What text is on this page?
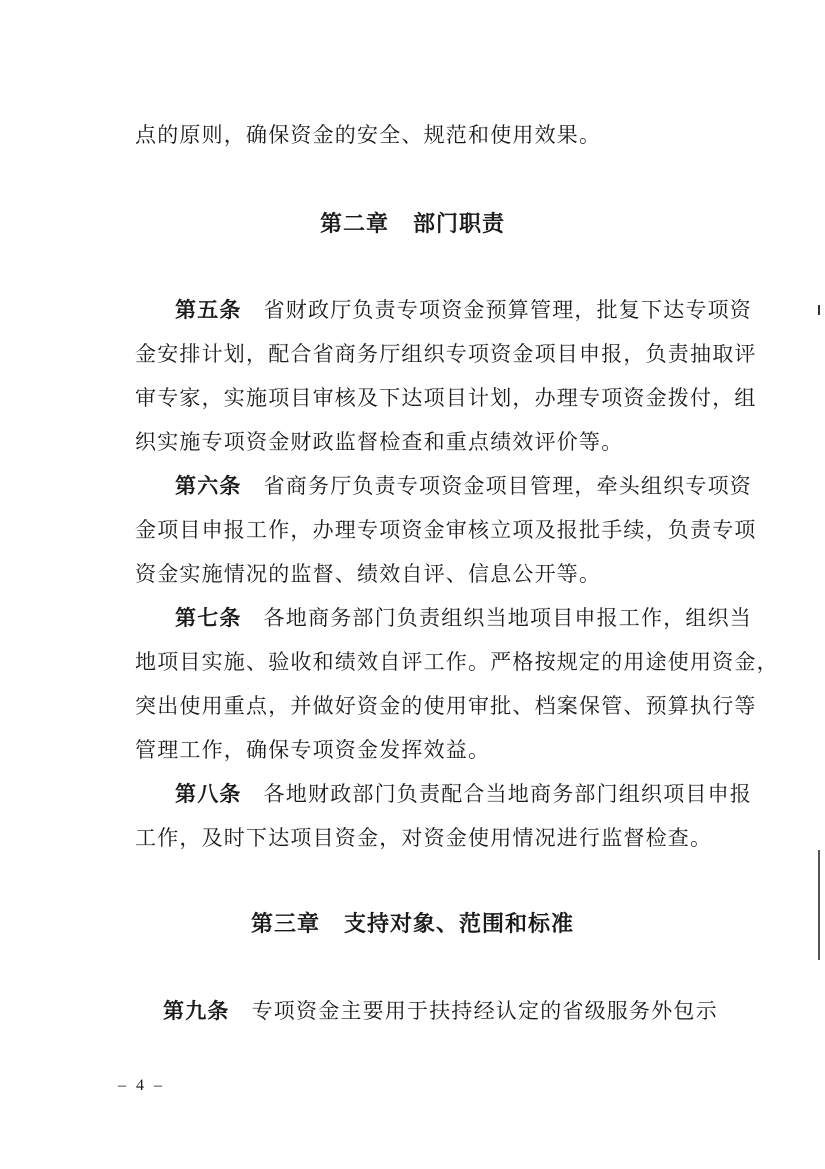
点的原则，确保资金的安全、规范和使用效果。
第二章 部门职责
第五条 省财政厅负责专项资金预算管理，批复下达专项资
金安排计划，配合省商务厅组织专项资金项目申报，负责抽取评
审专家，实施项目审核及下达项目计划，办理专项资金拨付，组
织实施专项资金财政监督检查和重点绩效评价等。
第六条 省商务厅负责专项资金项目管理，牵头组织专项资
金项目申报工作，办理专项资金审核立项及报批手续，负责专项
资金实施情况的监督、绩效自评、信息公开等。
第七条 各地商务部门负责组织当地项目申报工作，组织当
地项目实施、验收和绩效自评工作。严格按规定的用途使用资金，
突出使用重点，并做好资金的使用审批、档案保管、预算执行等
管理工作，确保专项资金发挥效益。
第八条 各地财政部门负责配合当地商务部门组织项目申报
工作，及时下达项目资金，对资金使用情况进行监督检查。
第三章 支持对象、范围和标准
第九条 专项资金主要用于扶持经认定的省级服务外包示
– 4 –
